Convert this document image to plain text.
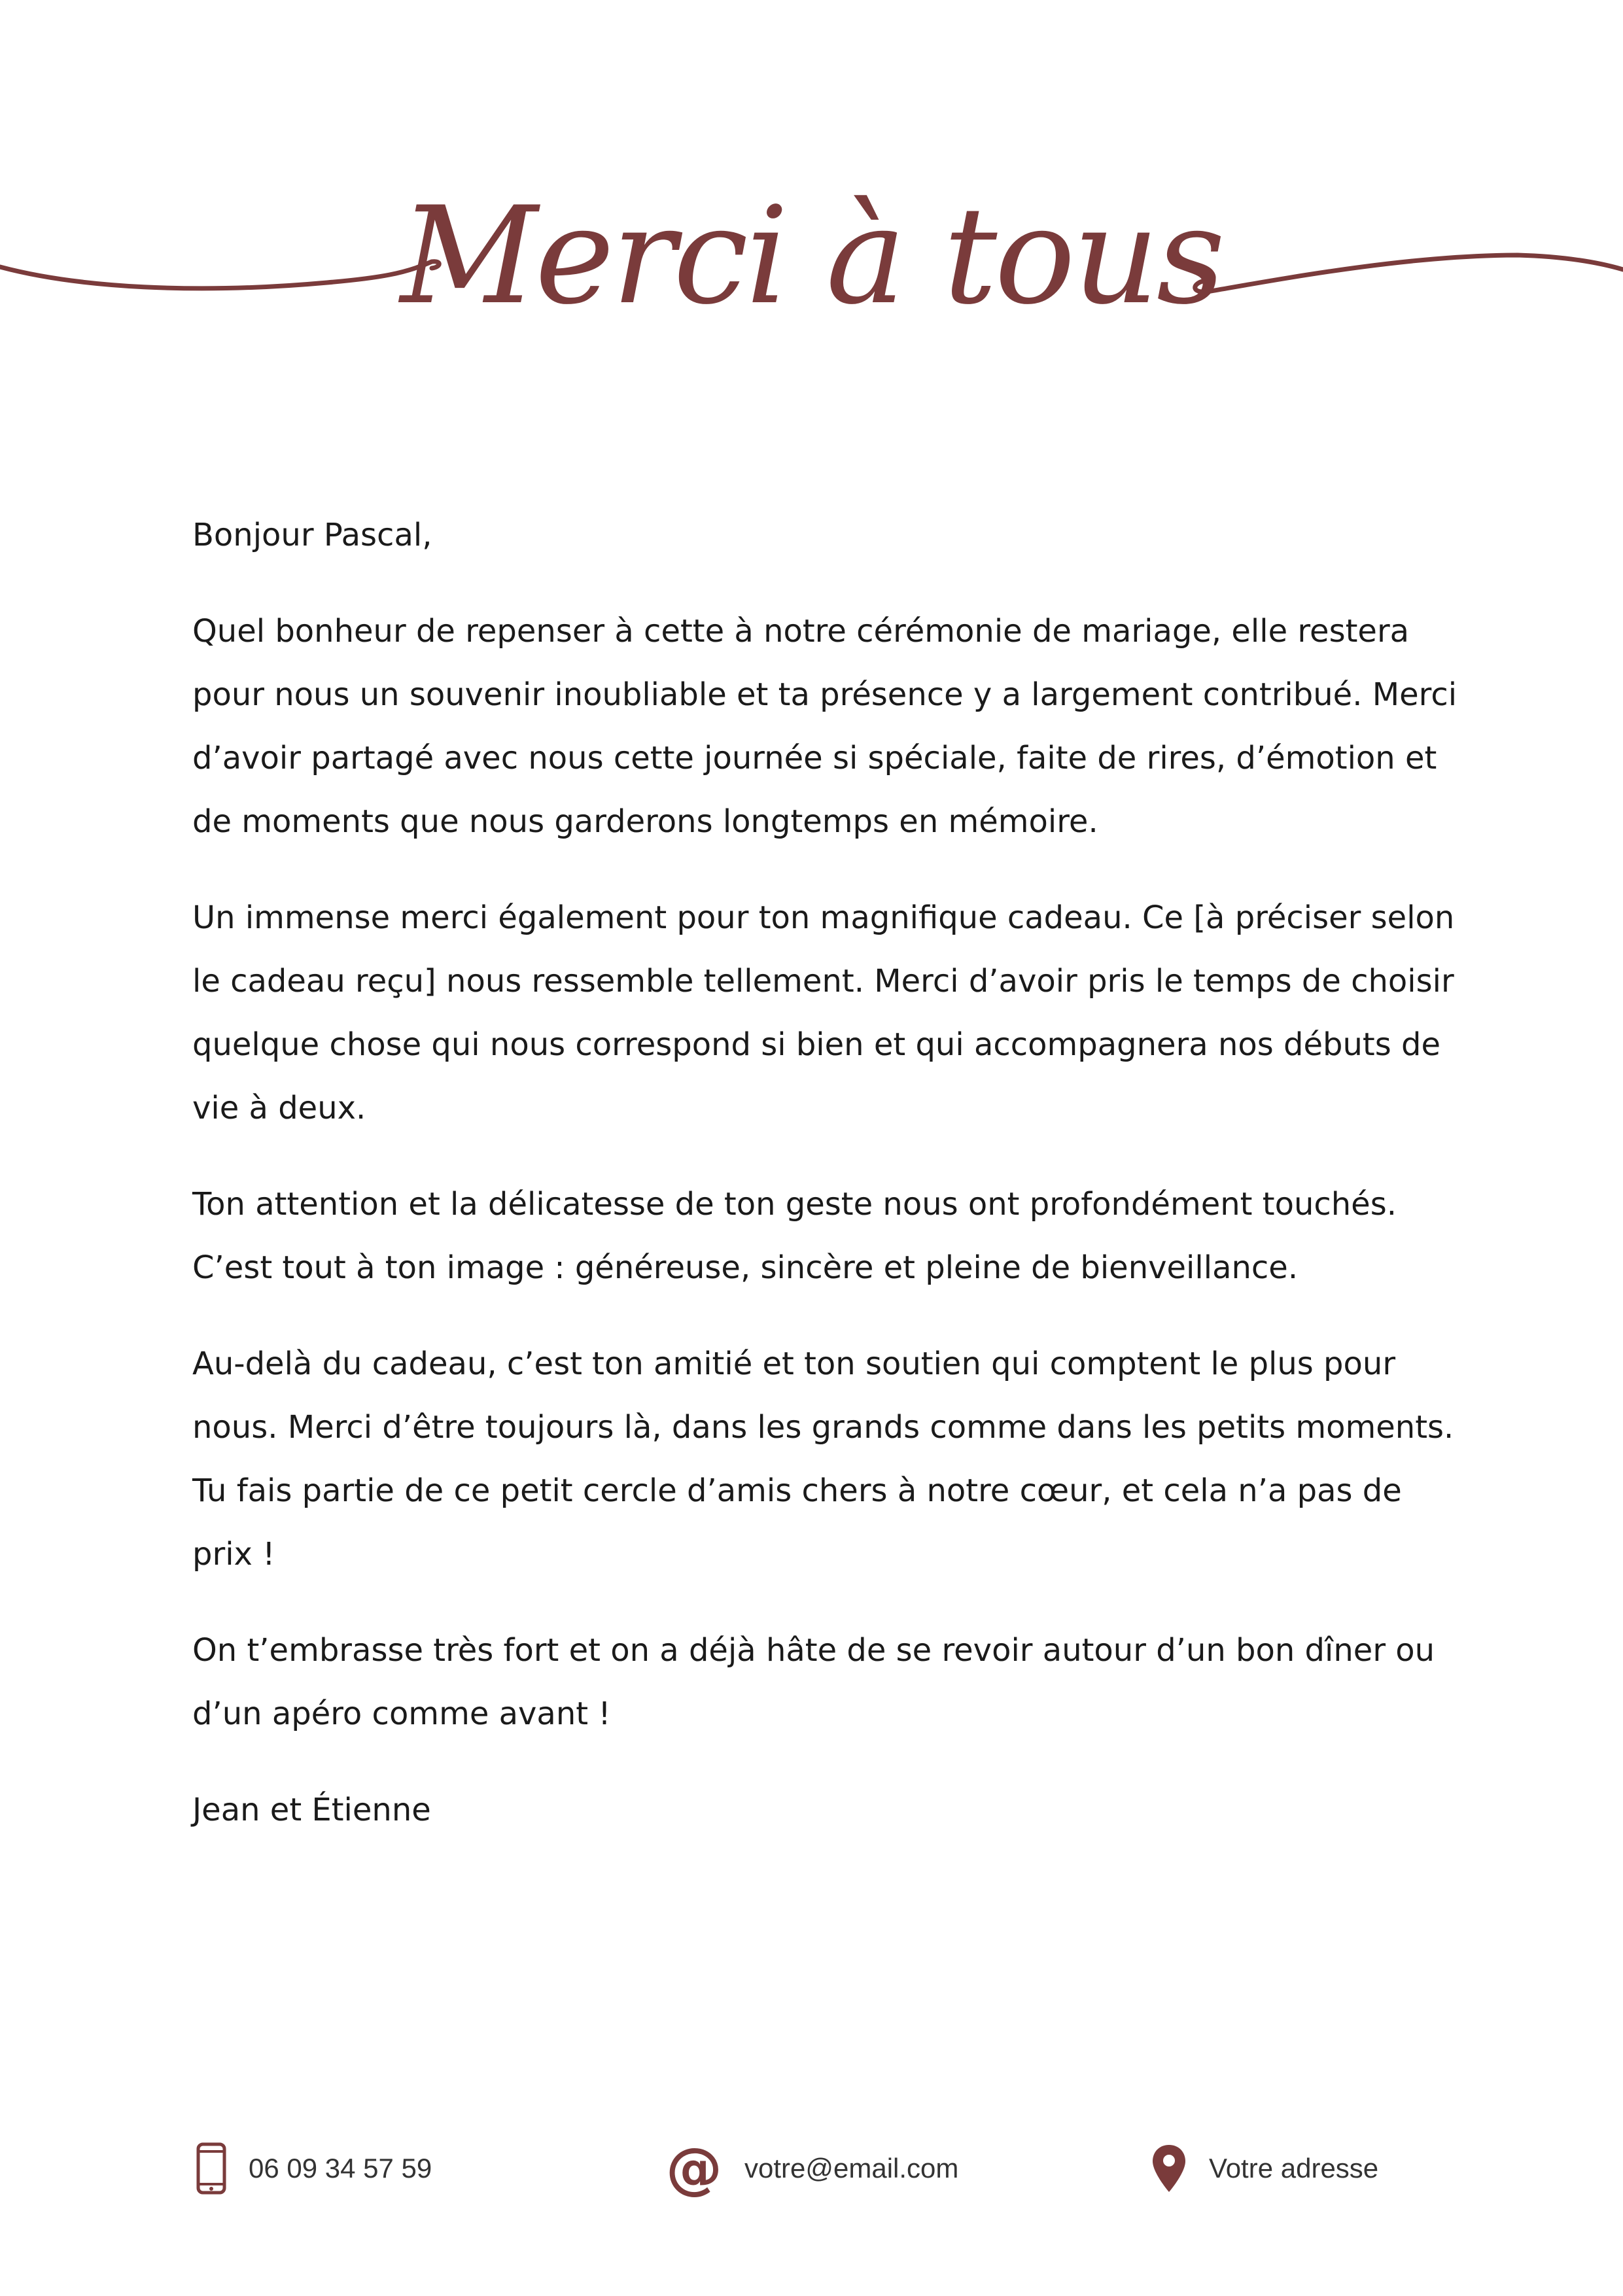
Merci à tous

Bonjour Pascal,

Quel bonheur de repenser à cette à notre cérémonie de mariage, elle restera pour nous un souvenir inoubliable et ta présence y a largement contribué. Merci d’avoir partagé avec nous cette journée si spéciale, faite de rires, d’émotion et de moments que nous garderons longtemps en mémoire.

Un immense merci également pour ton magnifique cadeau. Ce [à préciser selon le cadeau reçu] nous ressemble tellement. Merci d’avoir pris le temps de choisir quelque chose qui nous correspond si bien et qui accompagnera nos débuts de vie à deux.

Ton attention et la délicatesse de ton geste nous ont profondément touchés. C’est tout à ton image : généreuse, sincère et pleine de bienveillance.

Au-delà du cadeau, c’est ton amitié et ton soutien qui comptent le plus pour nous. Merci d’être toujours là, dans les grands comme dans les petits moments. Tu fais partie de ce petit cercle d’amis chers à notre cœur, et cela n’a pas de prix !

On t’embrasse très fort et on a déjà hâte de se revoir autour d’un bon dîner ou d’un apéro comme avant !

Jean et Étienne

06 09 34 57 59	@ votre@email.com	Votre adresse
